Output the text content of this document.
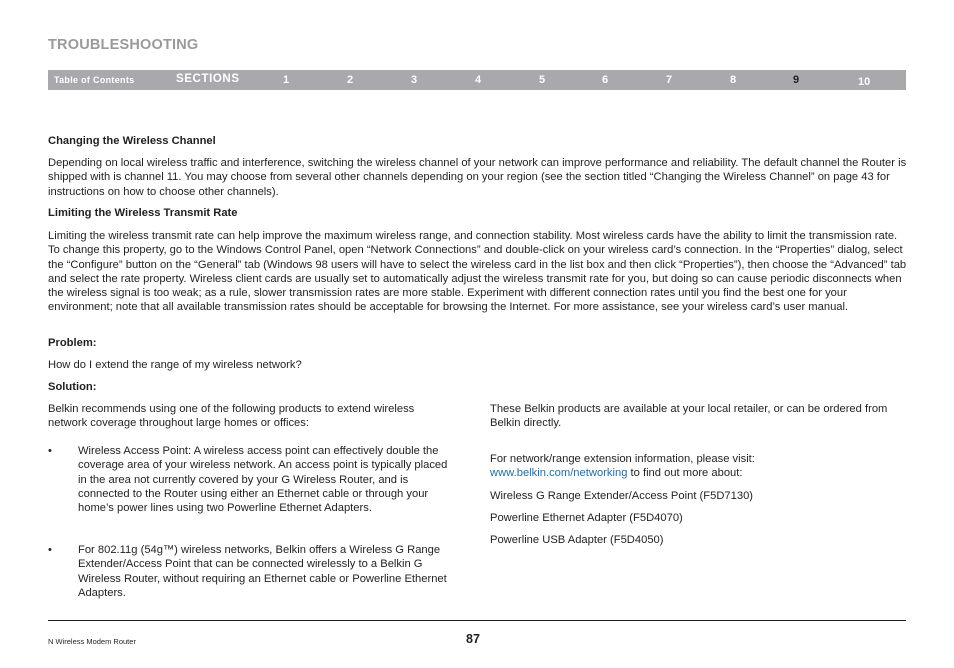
TROUBLESHOOTING
Table of Contents	SECTIONS	1	2	3	4	5	6	7	8	9	10
Changing the Wireless Channel

Depending on local wireless traffic and interference, switching the wireless channel of your network can improve performance and reliability. The default channel the Router is shipped with is channel 11. You may choose from several other channels depending on your region (see the section titled “Changing the Wireless Channel” on page 43 for instructions on how to choose other channels).

Limiting the Wireless Transmit Rate

Limiting the wireless transmit rate can help improve the maximum wireless range, and connection stability. Most wireless cards have the ability to limit the transmission rate. To change this property, go to the Windows Control Panel, open “Network Connections” and double-click on your wireless card’s connection. In the “Properties” dialog, select the “Configure” button on the “General” tab (Windows 98 users will have to select the wireless card in the list box and then click “Properties”), then choose the “Advanced” tab and select the rate property. Wireless client cards are usually set to automatically adjust the wireless transmit rate for you, but doing so can cause periodic disconnects when the wireless signal is too weak; as a rule, slower transmission rates are more stable. Experiment with different connection rates until you find the best one for your environment; note that all available transmission rates should be acceptable for browsing the Internet. For more assistance, see your wireless card’s user manual.

Problem:

How do I extend the range of my wireless network?

Solution:

Belkin recommends using one of the following products to extend wireless network coverage throughout large homes or offices:

• Wireless Access Point: A wireless access point can effectively double the coverage area of your wireless network. An access point is typically placed in the area not currently covered by your G Wireless Router, and is connected to the Router using either an Ethernet cable or through your home’s power lines using two Powerline Ethernet Adapters.
• For 802.11g (54g™) wireless networks, Belkin offers a Wireless G Range Extender/Access Point that can be connected wirelessly to a Belkin G Wireless Router, without requiring an Ethernet cable or Powerline Ethernet Adapters.

These Belkin products are available at your local retailer, or can be ordered from Belkin directly.

For network/range extension information, please visit:
www.belkin.com/networking to find out more about:

Wireless G Range Extender/Access Point (F5D7130)

Powerline Ethernet Adapter (F5D4070)

Powerline USB Adapter (F5D4050)

N Wireless Modem Router	87
